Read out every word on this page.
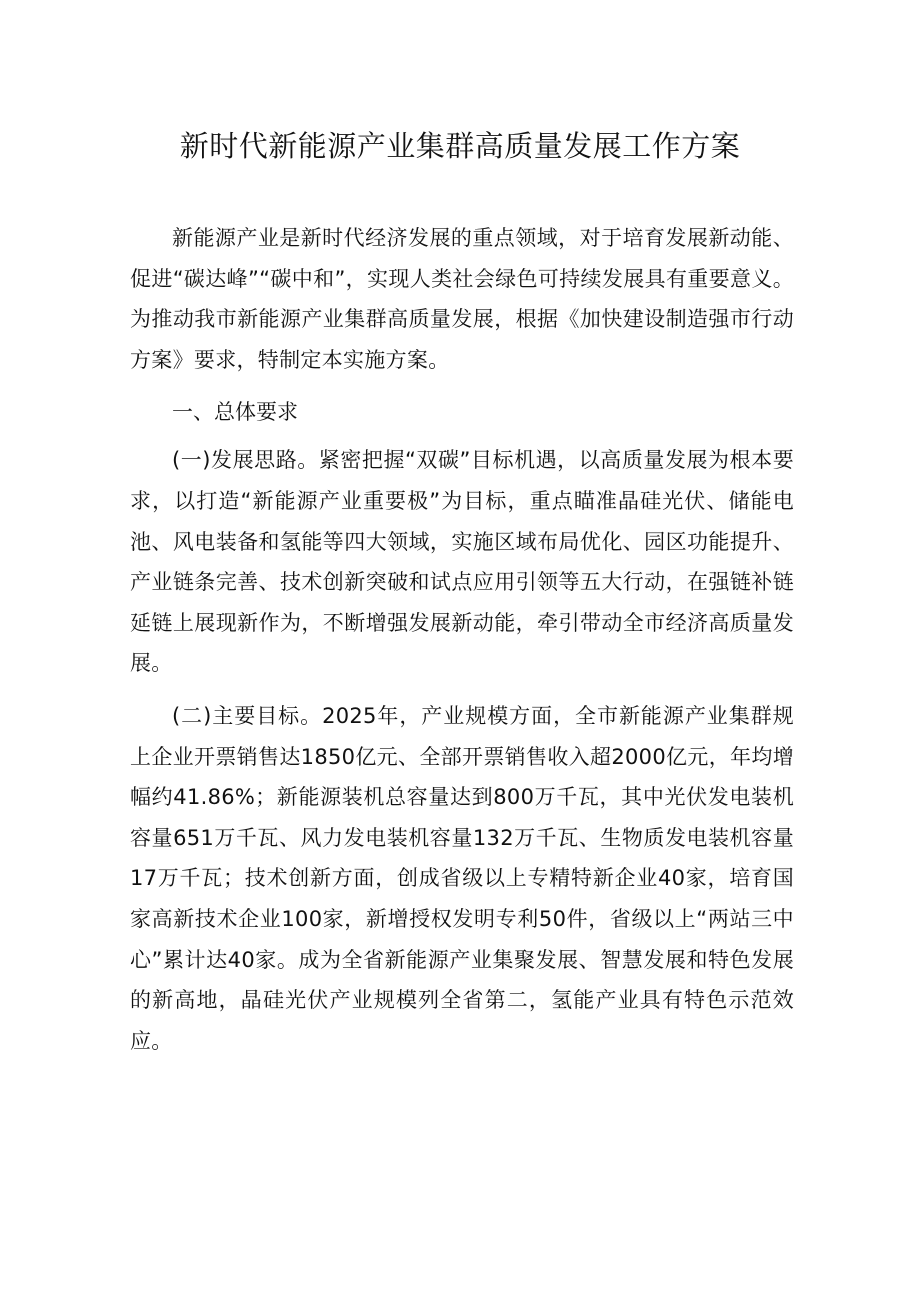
新时代新能源产业集群高质量发展工作方案

新能源产业是新时代经济发展的重点领域，对于培育发展新动能、促进“碳达峰”“碳中和”，实现人类社会绿色可持续发展具有重要意义。为推动我市新能源产业集群高质量发展，根据《加快建设制造强市行动方案》要求，特制定本实施方案。

一、总体要求

(一)发展思路。紧密把握“双碳”目标机遇，以高质量发展为根本要求，以打造“新能源产业重要极”为目标，重点瞄准晶硅光伏、储能电池、风电装备和氢能等四大领域，实施区域布局优化、园区功能提升、产业链条完善、技术创新突破和试点应用引领等五大行动，在强链补链延链上展现新作为，不断增强发展新动能，牵引带动全市经济高质量发展。

(二)主要目标。2025年，产业规模方面，全市新能源产业集群规上企业开票销售达1850亿元、全部开票销售收入超2000亿元，年均增幅约41.86%；新能源装机总容量达到800万千瓦，其中光伏发电装机容量651万千瓦、风力发电装机容量132万千瓦、生物质发电装机容量17万千瓦；技术创新方面，创成省级以上专精特新企业40家，培育国家高新技术企业100家，新增授权发明专利50件，省级以上“两站三中心”累计达40家。成为全省新能源产业集聚发展、智慧发展和特色发展的新高地，晶硅光伏产业规模列全省第二，氢能产业具有特色示范效应。
